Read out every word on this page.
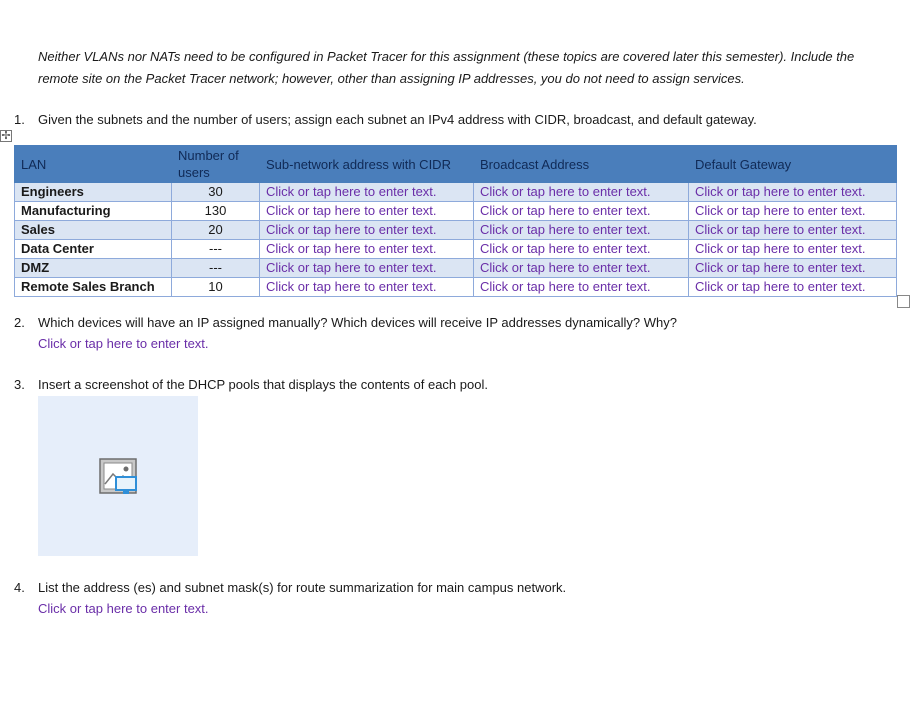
Neither VLANs nor NATs need to be configured in Packet Tracer for this assignment (these topics are covered later this semester). Include the remote site on the Packet Tracer network; however, other than assigning IP addresses, you do not need to assign services.
1. Given the subnets and the number of users; assign each subnet an IPv4 address with CIDR, broadcast, and default gateway.
✢
LAN	Number of users	Sub-network address with CIDR	Broadcast Address	Default Gateway
Engineers	30	Click or tap here to enter text.	Click or tap here to enter text.	Click or tap here to enter text.
Manufacturing	130	Click or tap here to enter text.	Click or tap here to enter text.	Click or tap here to enter text.
Sales	20	Click or tap here to enter text.	Click or tap here to enter text.	Click or tap here to enter text.
Data Center	---	Click or tap here to enter text.	Click or tap here to enter text.	Click or tap here to enter text.
DMZ	---	Click or tap here to enter text.	Click or tap here to enter text.	Click or tap here to enter text.
Remote Sales Branch	10	Click or tap here to enter text.	Click or tap here to enter text.	Click or tap here to enter text.
2. Which devices will have an IP assigned manually? Which devices will receive IP addresses dynamically? Why?
Click or tap here to enter text.
3. Insert a screenshot of the DHCP pools that displays the contents of each pool.
4. List the address (es) and subnet mask(s) for route summarization for main campus network.
Click or tap here to enter text.
